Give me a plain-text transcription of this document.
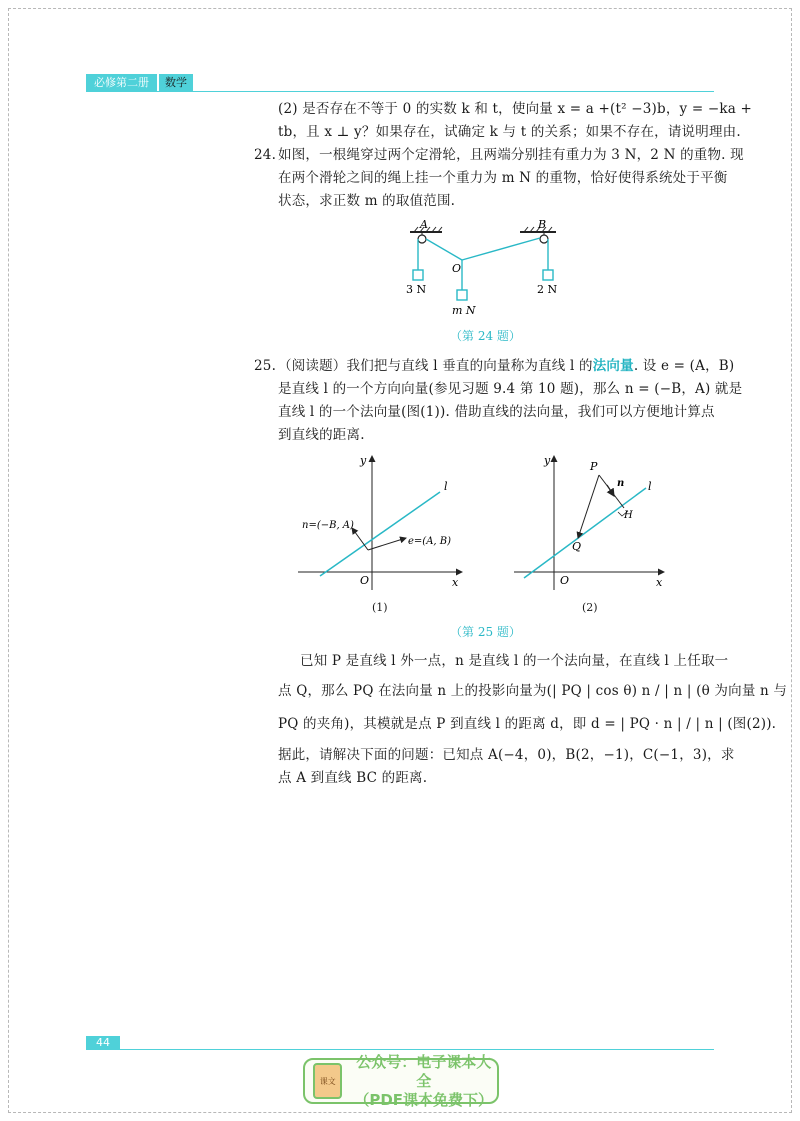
必修第二册	数学
(2) 是否存在不等于 0 的实数 k 和 t，使向量 x = a +(t² −3)b，y = −ka +
tb，且 x ⊥ y？如果存在，试确定 k 与 t 的关系；如果不存在，请说明理由.
24. 如图，一根绳穿过两个定滑轮，且两端分别挂有重力为 3 N，2 N 的重物. 现
在两个滑轮之间的绳上挂一个重力为 m N 的重物，恰好使得系统处于平衡
状态，求正数 m 的取值范围.
A	B
O
3 N	2 N
m N
（第 24 题）
25. （阅读题）我们把与直线 l 垂直的向量称为直线 l 的法向量. 设 e = (A，B)
是直线 l 的一个方向向量(参见习题 9.4 第 10 题)，那么 n = (−B，A) 就是
直线 l 的一个法向量(图(1)). 借助直线的法向量，我们可以方便地计算点
到直线的距离.
y
x
O
l
n=(−B, A)
e=(A, B)
(1)
y
x
O
l
P
n
H
Q
(2)
（第 25 题）
已知 P 是直线 l 外一点，n 是直线 l 的一个法向量，在直线 l 上任取一
点 Q，那么 PQ 在法向量 n 上的投影向量为(| PQ | cos θ) n / | n | (θ 为向量 n 与
PQ 的夹角)，其模就是点 P 到直线 l 的距离 d，即 d = | PQ · n | / | n | (图(2)).
据此，请解决下面的问题：已知点 A(−4，0)，B(2，−1)，C(−1，3)，求
点 A 到直线 BC 的距离.
44
课文
公众号：电子课本大全
（PDF课本免费下）
